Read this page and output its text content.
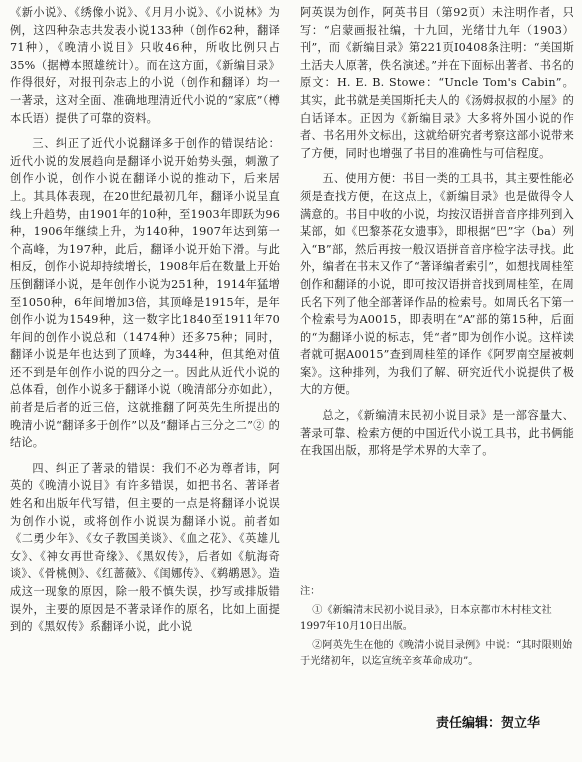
《新小说》、《绣像小说》、《月月小说》、《小说林》为例，这四种杂志共发表小说133种（创作62种，翻译71种），《晚清小说目》只收46种，所收比例只占35%（据樽本照雄统计）。而在这方面，《新编目录》作得很好，对报刊杂志上的小说（创作和翻译）均一一著录，这对全面、准确地理清近代小说的“家底”（樽本氏语）提供了可靠的资料。

三、纠正了近代小说翻译多于创作的错误结论：近代小说的发展趋向是翻译小说开始势头强，刺激了创作小说，创作小说在翻译小说的推动下，后来居上。其具体表现，在20世纪最初几年，翻译小说呈直线上升趋势，由1901年的10种，至1903年即跃为96种，1906年继续上升，为140种，1907年达到第一个高峰，为197种，此后，翻译小说开始下滑。与此相反，创作小说却持续增长，1908年后在数量上开始压倒翻译小说，是年创作小说为251种，1914年猛增至1050种，6年间增加3倍，其顶峰是1915年，是年创作小说为1549种，这一数字比1840至1911年70年间的创作小说总和（1474种）还多75种；同时，翻译小说是年也达到了顶峰，为344种，但其绝对值还不到是年创作小说的四分之一。因此从近代小说的总体看，创作小说多于翻译小说（晚清部分亦如此），前者是后者的近三倍，这就推翻了阿英先生所提出的晚清小说“翻译多于创作”以及“翻译占三分之二”② 的结论。

四、纠正了著录的错误：我们不必为尊者讳，阿英的《晚清小说目》有许多错误，如把书名、著译者姓名和出版年代写错，但主要的一点是将翻译小说误为创作小说，或将创作小说误为翻译小说。前者如《二勇少年》、《女子教国美谈》、《血之花》、《英雄儿女》、《神女再世奇缘》、《黑奴传》，后者如《航海奇谈》、《骨桃侧》、《红蔷薇》、《闺娜传》、《鹈鹕恩》。造成这一现象的原因，除一般不慎失误，抄写或排版错误外，主要的原因是不著录译作的原名，比如上面提到的《黑奴传》系翻译小说，此小说

阿英误为创作，阿英书目（第92页）未注明作者，只写：“启蒙画报社编，十九回，光绪廿九年（1903）刊”，而《新编目录》第221页I0408条注明：“美国斯土活夫人原著，佚名演述。”并在下面标出著者、书名的原文：H. E. B. Stowe：“Uncle Tom's Cabin”。其实，此书就是美国斯托夫人的《汤姆叔叔的小屋》的白话译本。正因为《新编目录》大多将外国小说的作者、书名用外文标出，这就给研究者考察这部小说带来了方便，同时也增强了书目的准确性与可信程度。

五、使用方便：书目一类的工具书，其主要性能必须是查找方便，在这点上，《新编目录》也是做得令人满意的。书目中收的小说，均按汉语拼音音序排列到入某部，如《巴黎茶花女遗事》，即根据“巴”字（ba）列入“B”部，然后再按一般汉语拼音音序检字法寻找。此外，编者在书末又作了“著译编者索引”，如想找周桂笙创作和翻译的小说，即可按汉语拼音找到周桂笙，在周氏名下列了他全部著译作品的检索号。如周氏名下第一个检索号为A0015，即表明在“A”部的第15种，后面的“为翻译小说的标志，凭“者”即为创作小说。这样读者就可据A0015”查到周桂笙的译作《阿罗南空屋被刺案》。这种排列，为我们了解、研究近代小说提供了极大的方便。

总之，《新编清末民初小说目录》是一部容量大、著录可靠、检索方便的中国近代小说工具书，此书俩能在我国出版，那将是学术界的大幸了。

注：

①《新编清末民初小说目录》，日本京都市木村桂文社1997年10月10日出版。

②阿英先生在他的《晚清小说目录例》中说：“其时限则始于光绪初年，以迄宣统辛亥革命成功”。

责任编辑：贺立华
